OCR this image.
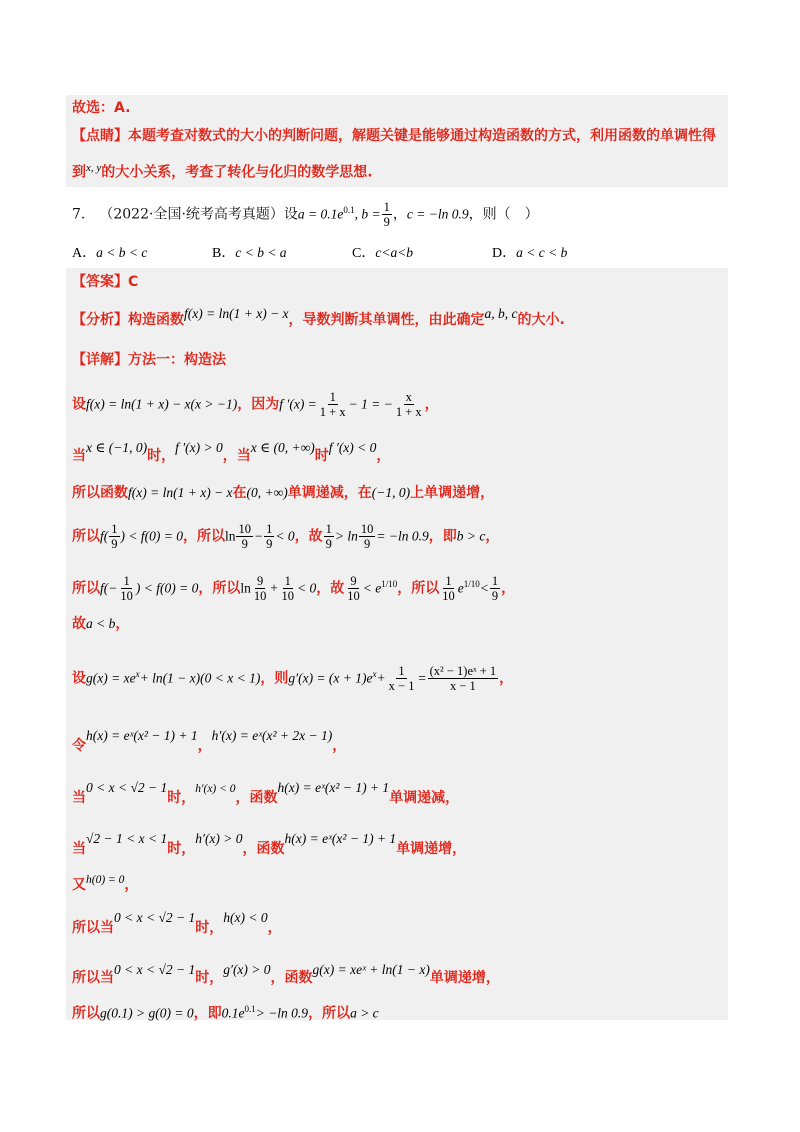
故选：A.
【点睛】本题考查对数式的大小的判断问题，解题关键是能够通过构造函数的方式，利用函数的单调性得
到$^{x, y}$的大小关系，考查了转化与化归的数学思想.
7. （2022·全国·统考高考真题）设$a = 0.1e^{0.1}$, $b = \frac{1}{9}$ ，c = −ln 0.9，则（　）
A．a < b < c	B．c < b < a	C．c<a<b	D．a < c < b
【答案】C
【分析】构造函数f(x) = ln(1 + x) − x，导数判断其单调性，由此确定a, b, c的大小.
【详解】方法一：构造法
设f(x) = ln(1 + x) − x(x > −1)，因为f $'(x) = \frac{1}{1 + x} - 1$ = − $\frac{x}{1 + x}$ ，
当x ∈ (−1, 0)时，f ′(x) > 0，当x ∈ (0, +∞)时f ′(x) < 0，
所以函数f(x) = ln(1 + x) − x在(0, +∞)单调递减，在(−1, 0)上单调递增，
所以$f( \frac{1}{9}$ ) < f(0) = 0，所以$\ln \frac{10}{9} - \frac{1}{9} < 0$，故 $\frac{1}{9} > \ln \frac{10}{9} = -\ln$ 0.9，即b > c，
所以$f(- \frac{1}{10}$ ) < f(0) = 0，所以$\ln \frac{9}{10} + \frac{1}{10} < 0$，故 $\frac{9}{10} < e^{1/10}$，所以 $\frac{1}{10} e^{1/10}< \frac{1}{9}$ ，
故a < b，
设$g(x) = xe^x+ \ln(1 - x)(0 < x < 1)$，则$g'(x) = (x + 1)e^x+ \frac{1}{x - 1} = \frac{\text{(x² − 1)eˣ + 1}}{x - 1}$ ，
令h(x) = eˣ(x² − 1) + 1，h′(x) = eˣ(x² + 2x − 1)，
当0 < x < √2 − 1时，$^{h'(x) < 0}$，函数h(x) = eˣ(x² − 1) + 1单调递减，
当√2 − 1 < x < 1时，h′(x) > 0，函数h(x) = eˣ(x² − 1) + 1单调递增，
又$^{h(0) = 0}$，
所以当0 < x < √2 − 1时，h(x) < 0，
所以当0 < x < √2 − 1时，g′(x) > 0，函数g(x) = xeˣ + ln(1 − x)单调递增，
所以g(0.1) > g(0) = 0，即$0.1e^{0.1}> -\ln$ 0.9，所以a > c
